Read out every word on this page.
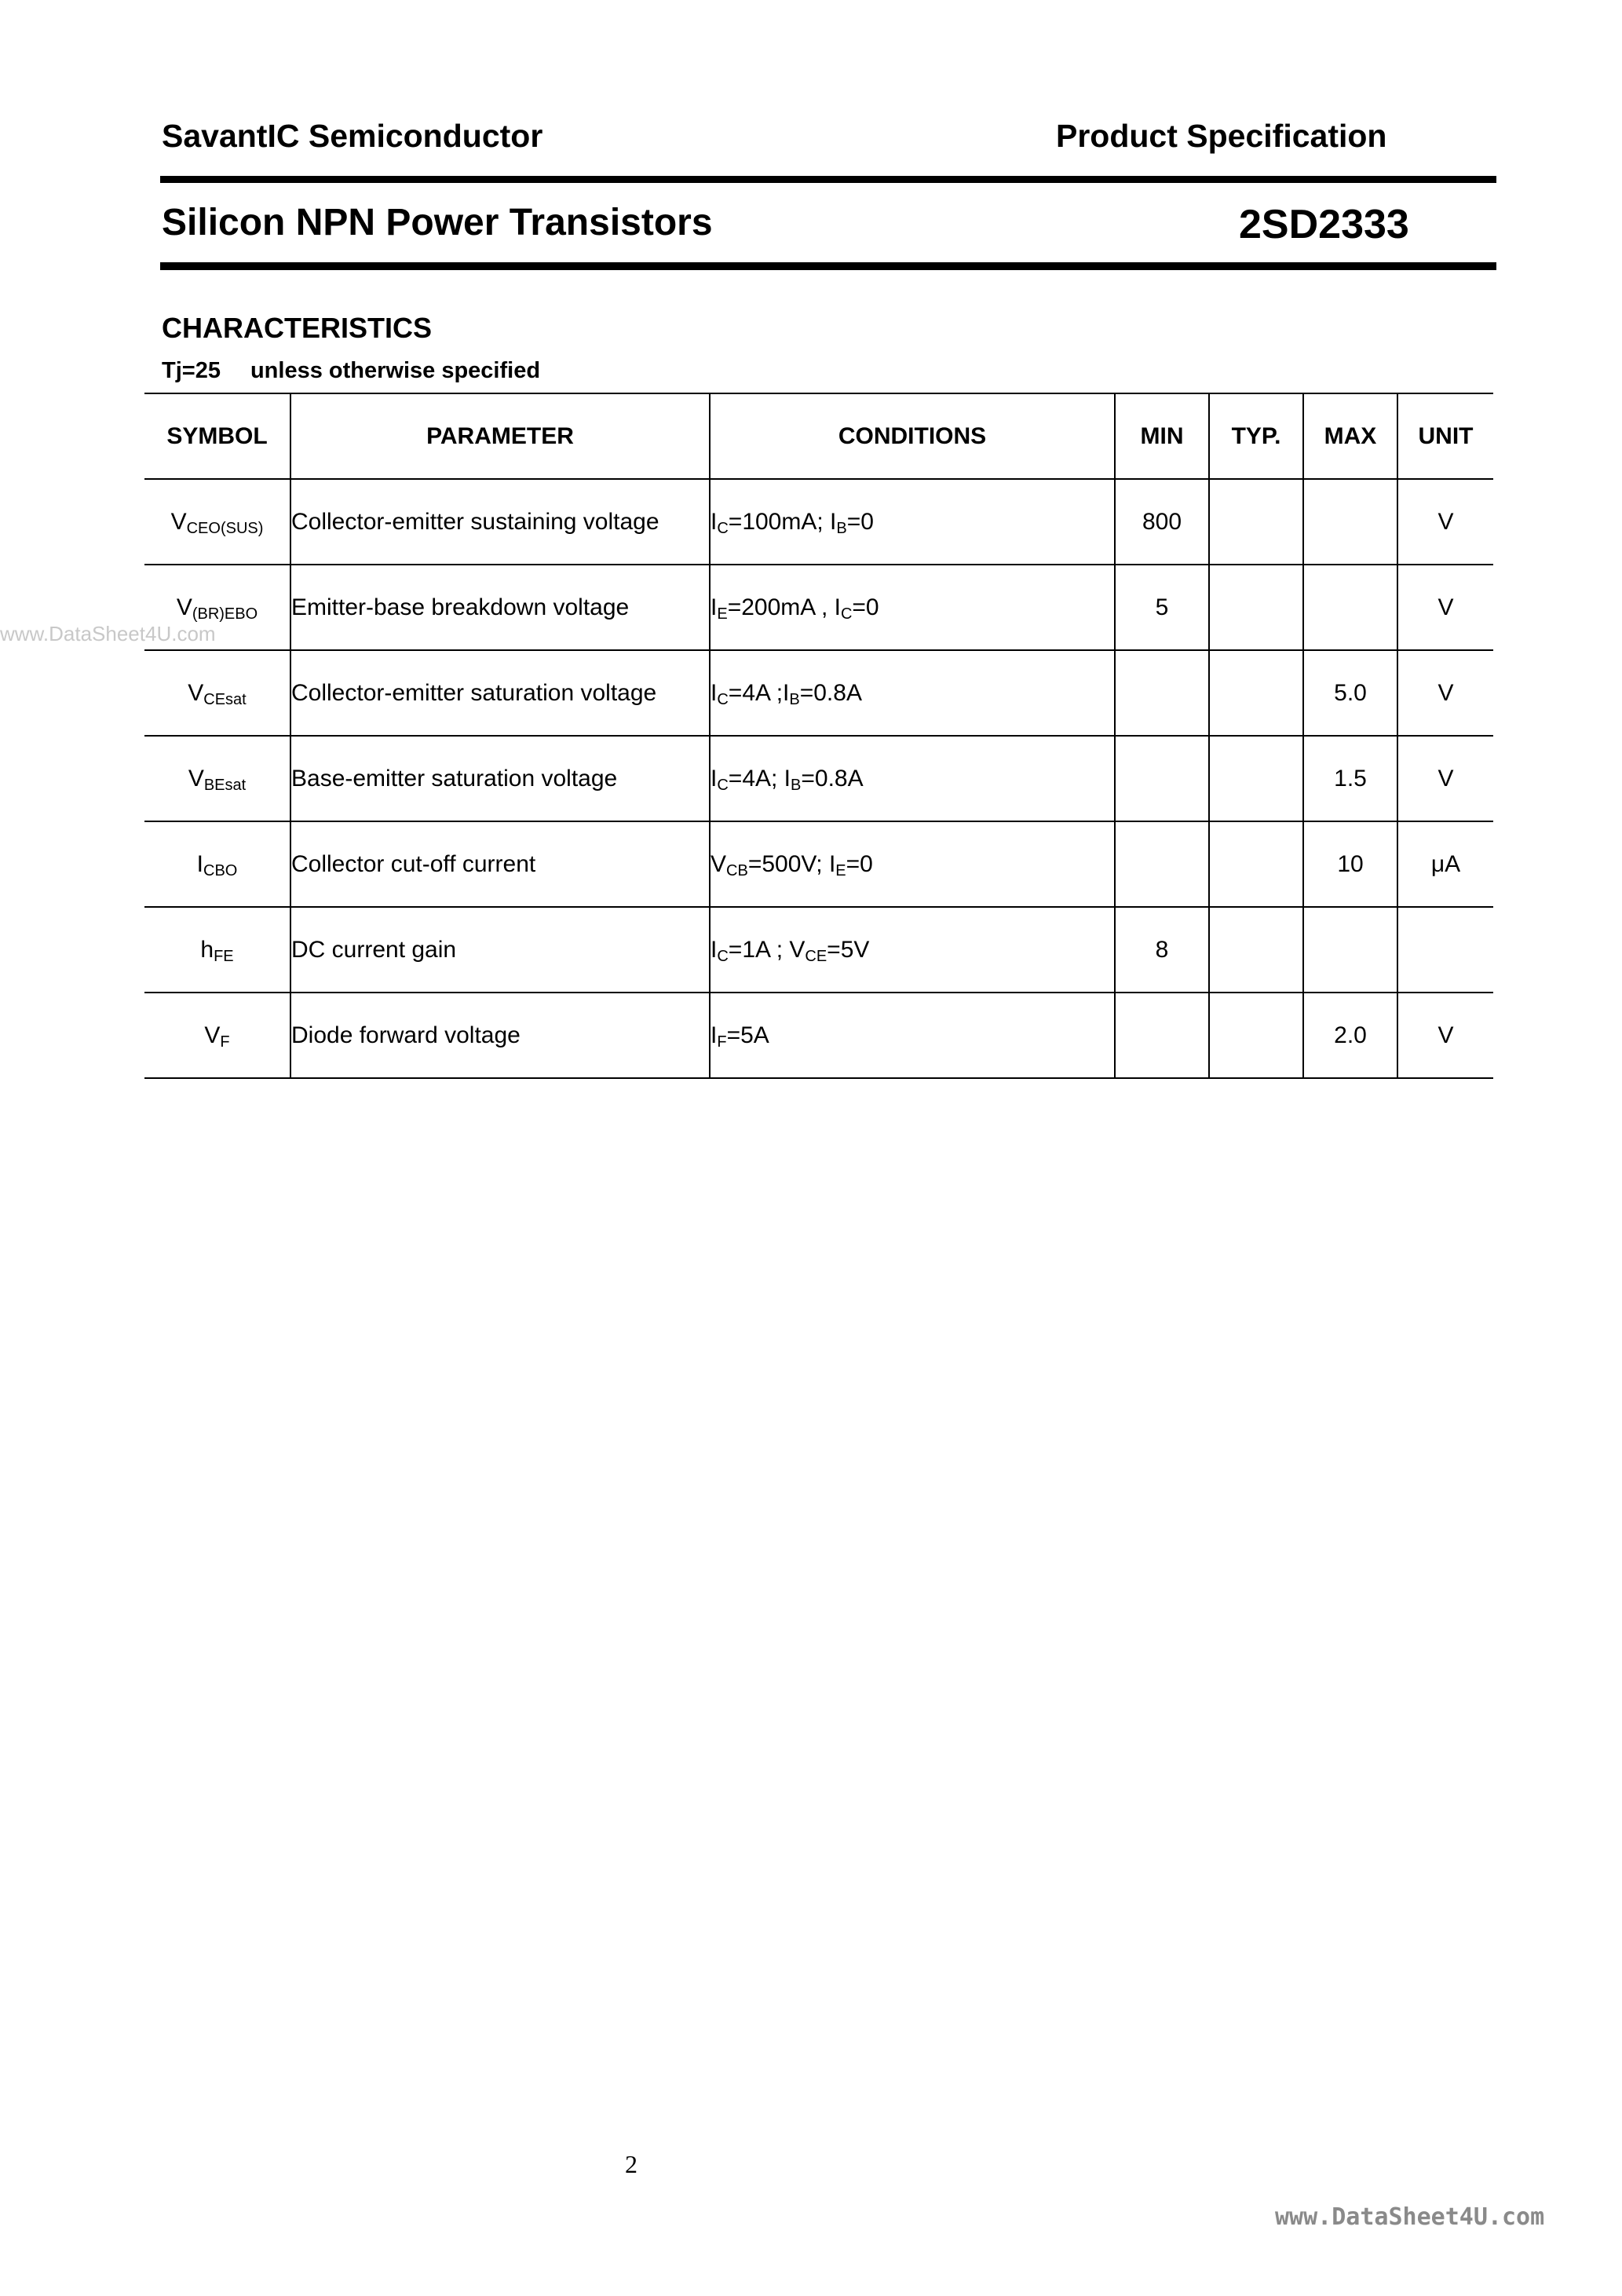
SavantIC Semiconductor	Product Specification
Silicon NPN Power Transistors	2SD2333
CHARACTERISTICS
Tj=25 unless otherwise specified
www.DataSheet4U.com
SYMBOL	PARAMETER	CONDITIONS	MIN	TYP.	MAX	UNIT
$V_{CEO(SUS)}$	Collector-emitter sustaining voltage	$I_C=100mA$; $I_B=0$	800			V
$V_{(BR)EBO}$	Emitter-base breakdown voltage	$I_E=200mA$ , $I_C=0$	5			V
$V_{CEsat}$	Collector-emitter saturation voltage	$I_C=4A$ $;I_B=0.8A$			5.0	V
$V_{BEsat}$	Base-emitter saturation voltage	$I_C=4A$; $I_B=0.8A$			1.5	V
$I_{CBO}$	Collector cut-off current	$V_{CB}=500V$; $I_E=0$			10	μA
$h_{FE}$	DC current gain	$I_C=1A$ ; $V_{CE}=5V$	8			
$V_F$	Diode forward voltage	$I_F=5A$			2.0	V
2
www.DataSheet4U.com
